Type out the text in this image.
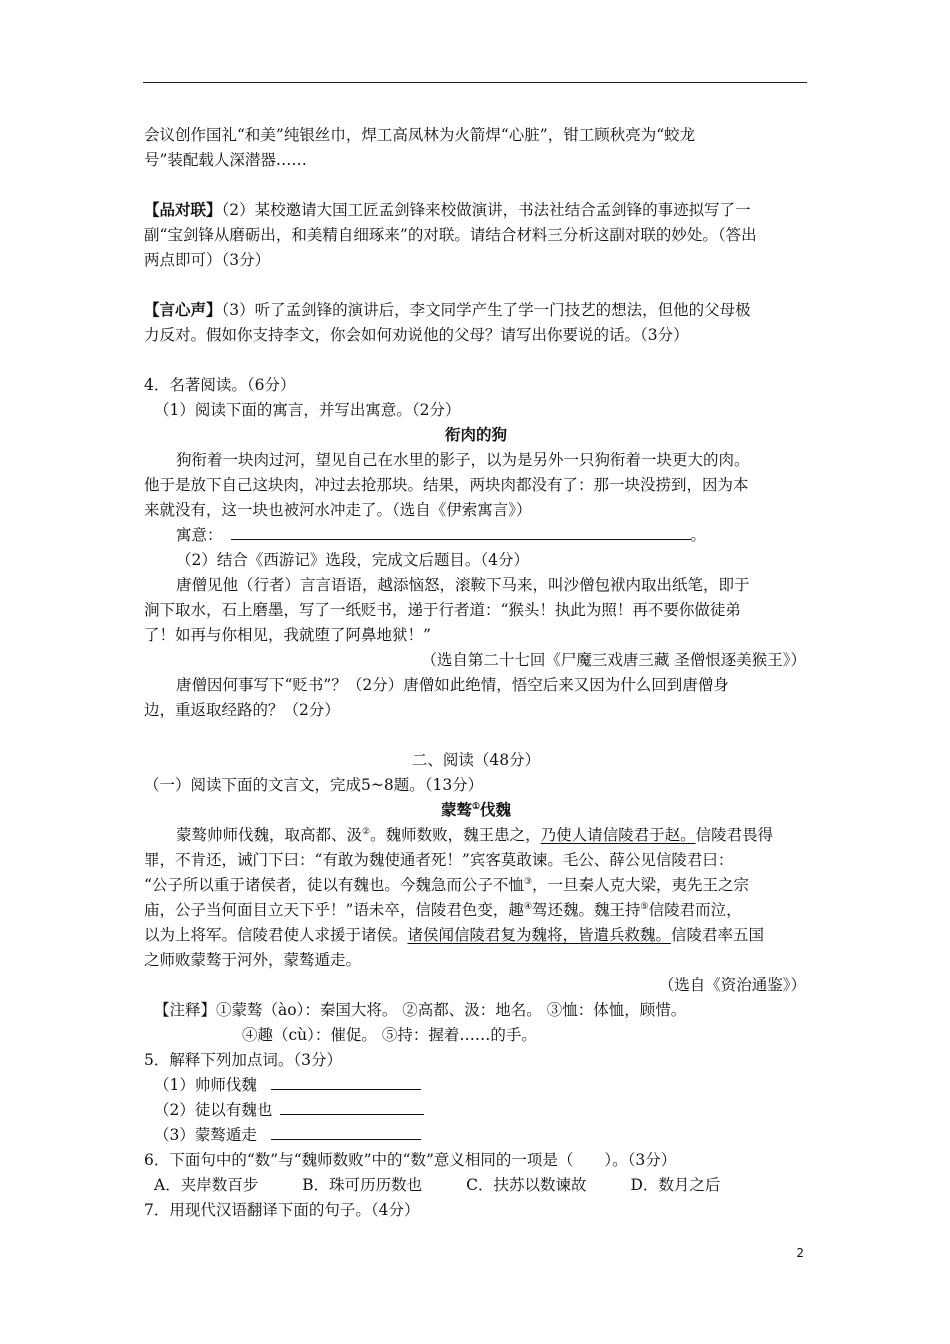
会议创作国礼“和美”纯银丝巾，焊工高凤林为火箭焊“心脏”，钳工顾秋亮为“蛟龙
号”装配载人深潜器……
【品对联】（2）某校邀请大国工匠孟剑锋来校做演讲，书法社结合孟剑锋的事迹拟写了一
副“宝剑锋从磨砺出，和美精自细琢来”的对联。请结合材料三分析这副对联的妙处。（答出
两点即可）（3分）
【言心声】（3）听了孟剑锋的演讲后，李文同学产生了学一门技艺的想法，但他的父母极
力反对。假如你支持李文，你会如何劝说他的父母？请写出你要说的话。（3分）
4．名著阅读。（6分）
（1）阅读下面的寓言，并写出寓意。（2分）
衔肉的狗
狗衔着一块肉过河，望见自己在水里的影子，以为是另外一只狗衔着一块更大的肉。
他于是放下自己这块肉，冲过去抢那块。结果，两块肉都没有了：那一块没捞到，因为本
来就没有，这一块也被河水冲走了。（选自《伊索寓言》）
寓意：	。
（2）结合《西游记》选段，完成文后题目。（4分）
唐僧见他（行者）言言语语，越添恼怒，滚鞍下马来，叫沙僧包袱内取出纸笔，即于
涧下取水，石上磨墨，写了一纸贬书，递于行者道：“猴头！执此为照！再不要你做徒弟
了！如再与你相见，我就堕了阿鼻地狱！”
（选自第二十七回《尸魔三戏唐三藏 圣僧恨逐美猴王》）
唐僧因何事写下“贬书”？（2分）唐僧如此绝情，悟空后来又因为什么回到唐僧身
边，重返取经路的？（2分）
二、阅读（48分）
（一）阅读下面的文言文，完成5~8题。（13分）
蒙骜①伐魏
蒙骜帅师伐魏，取高都、汲②。魏师数败，魏王患之，乃使人请信陵君于赵。信陵君畏得
罪，不肯还，诫门下曰：“有敢为魏使通者死！”宾客莫敢谏。毛公、薛公见信陵君曰：
“公子所以重于诸侯者，徒以有魏也。今魏急而公子不恤③，一旦秦人克大梁，夷先王之宗
庙，公子当何面目立天下乎！”语未卒，信陵君色变，趣④驾还魏。魏王持⑤信陵君而泣，
以为上将军。信陵君使人求援于诸侯。诸侯闻信陵君复为魏将，皆遣兵救魏。信陵君率五国
之师败蒙骜于河外，蒙骜遁走。
（选自《资治通鉴》）
【注释】①蒙骜（ào）：秦国大将。 ②高都、汲：地名。 ③恤：体恤，顾惜。
④趣（cù）：催促。 ⑤持：握着……的手。
5．解释下列加点词。（3分）
（1）帅师伐魏
（2）徒以有魏也
（3）蒙骜遁走
6．下面句中的“数”与“魏师数败”中的“数”意义相同的一项是（　　）。（3分）
A．夹岸数百步	B．珠可历历数也	C．扶苏以数谏故	D．数月之后
7．用现代汉语翻译下面的句子。（4分）
2
